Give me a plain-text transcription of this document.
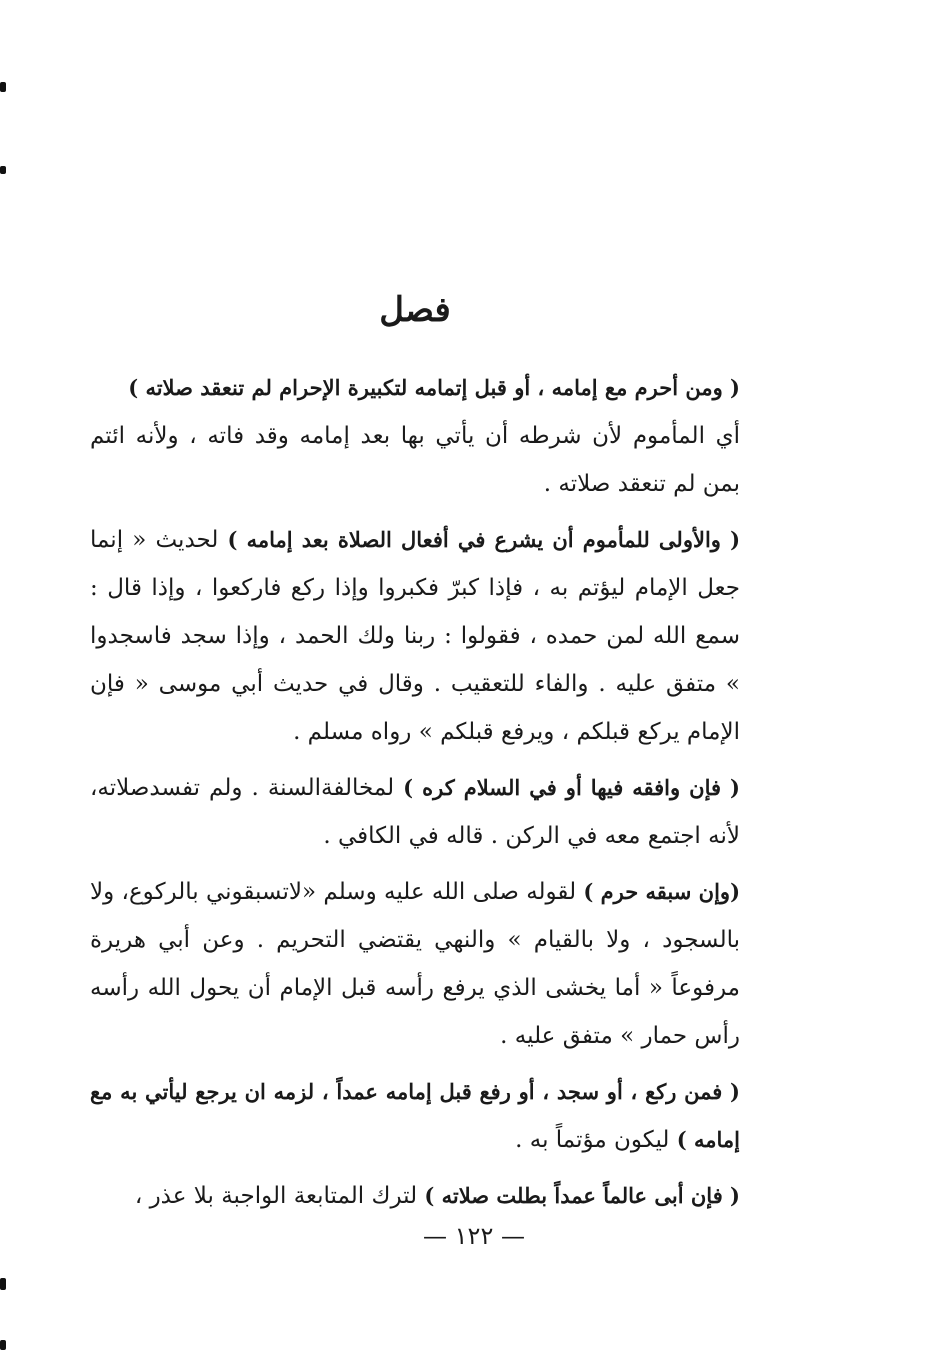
فصل

( ومن أحرم مع إمامه ، أو قبل إتمامه لتكبيرة الإحرام لم تنعقد صلاته )
أي المأموم لأن شرطه أن يأتي بها بعد إمامه وقد فاته ، ولأنه ائتم بمن لم تنعقد صلاته .

( والأولى للمأموم أن يشرع في أفعال الصلاة بعد إمامه ) لحديث « إنما جعل الإمام ليؤتم به ، فإذا كبرّ فكبروا وإذا ركع فاركعوا ، وإذا قال : سمع الله لمن حمده ، فقولوا : ربنا ولك الحمد ، وإذا سجد فاسجدوا » متفق عليه . والفاء للتعقيب . وقال في حديث أبي موسى « فإن الإمام يركع قبلكم ، ويرفع قبلكم » رواه مسلم .

( فإن وافقه فيها أو في السلام كره ) لمخالفةالسنة . ولم تفسدصلاته، لأنه اجتمع معه في الركن . قاله في الكافي .

(وإن سبقه حرم ) لقوله صلى الله عليه وسلم «لاتسبقوني بالركوع، ولا بالسجود ، ولا بالقيام » والنهي يقتضي التحريم . وعن أبي هريرة مرفوعاً « أما يخشى الذي يرفع رأسه قبل الإمام أن يحول الله رأسه رأس حمار » متفق عليه .

( فمن ركع ، أو سجد ، أو رفع قبل إمامه عمداً ، لزمه ان يرجع ليأتي به مع إمامه ) ليكون مؤتماً به .

( فإن أبى عالماً عمداً بطلت صلاته ) لترك المتابعة الواجبة بلا عذر ،

— ١٢٢ —
